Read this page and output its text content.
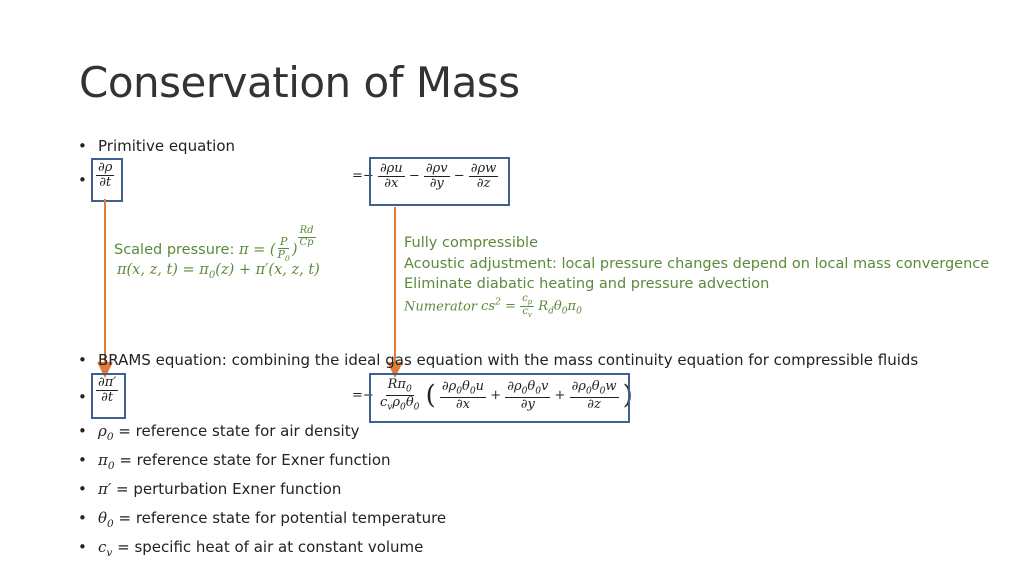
Conservation of Mass
Primitive equation
$\frac{\partial\rho}{\partial t}$	=− $\frac{\partial\rho u}{\partial x} - \frac{\partial\rho v}{\partial y} - \frac{\partial\rho w}{\partial z}$
Scaled pressure: π = ( $\frac{P}{P_0}$ )
$^{\frac{Rd}{Cp}}$
π(x, z, $t) = \pi_0(z) + \pi'(x$, z, t)
Fully compressible
Acoustic adjustment: local pressure changes depend on local mass convergence
Eliminate diabatic heating and pressure advection
Numerator $cs^2 = \frac{c_p}{c_v} R_d\theta_0\pi_0$
BRAMS equation: combining the ideal gas equation with the mass continuity equation for compressible fluids
$\frac{\partial\pi'}{\partial t}$	=− $\frac{R\pi_0}{c_v\rho_0\theta_0}$ ( $\frac{\partial\rho_0\theta_0u}{\partial x} + \frac{\partial\rho_0\theta_0v}{\partial y} + \frac{\partial\rho_0\theta_0w}{\partial z}$ )
$\rho_0$ = reference state for air density
$\pi_0$ = reference state for Exner function
π′ = perturbation Exner function
$\theta_0$ = reference state for potential temperature
$c_v$ = specific heat of air at constant volume
